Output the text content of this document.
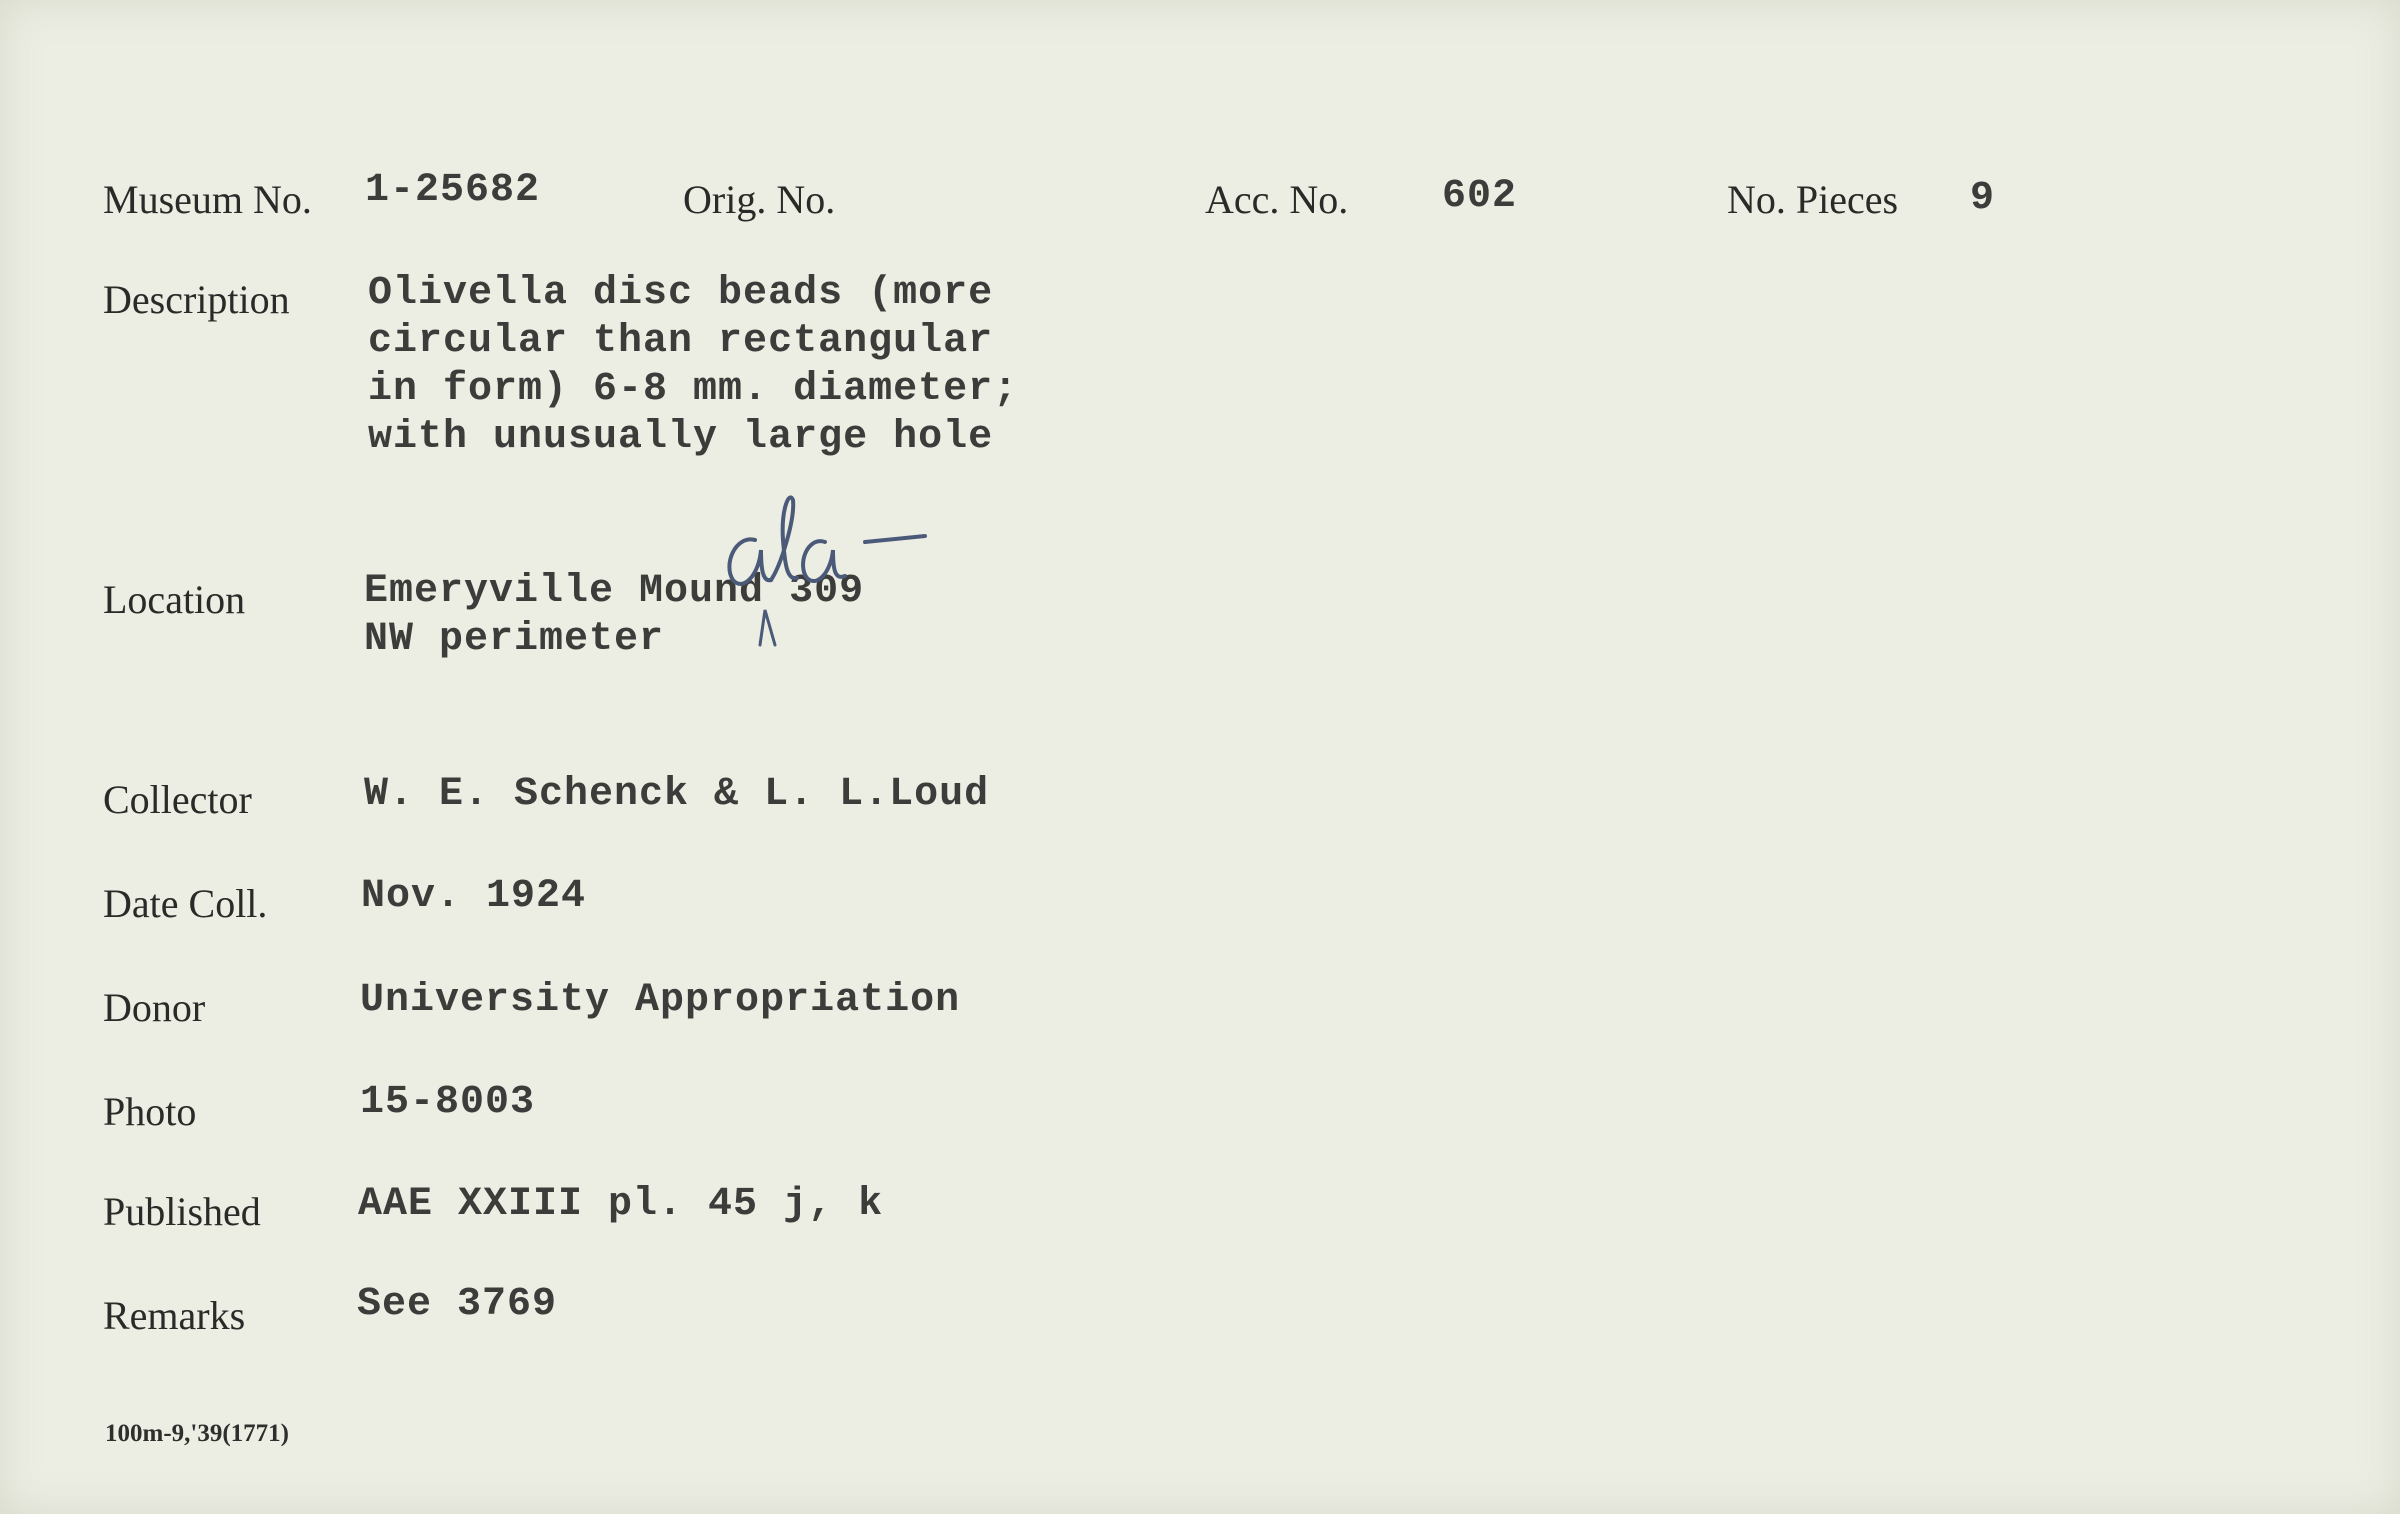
Museum No. 1-25682	Orig. No.	Acc. No. 602	No. Pieces 9
Description Olivella disc beads (more
circular than rectangular
in form) 6-8 mm. diameter;
with unusually large hole
Location	Emeryville Mound 309
NW perimeter
Collector	W. E. Schenck & L. L.Loud
Date Coll. Nov. 1924
Donor	University Appropriation
Photo	15-8003
Published AAE XXIII pl. 45 j, k
Remarks	See 3769
100m-9,'39(1771)
